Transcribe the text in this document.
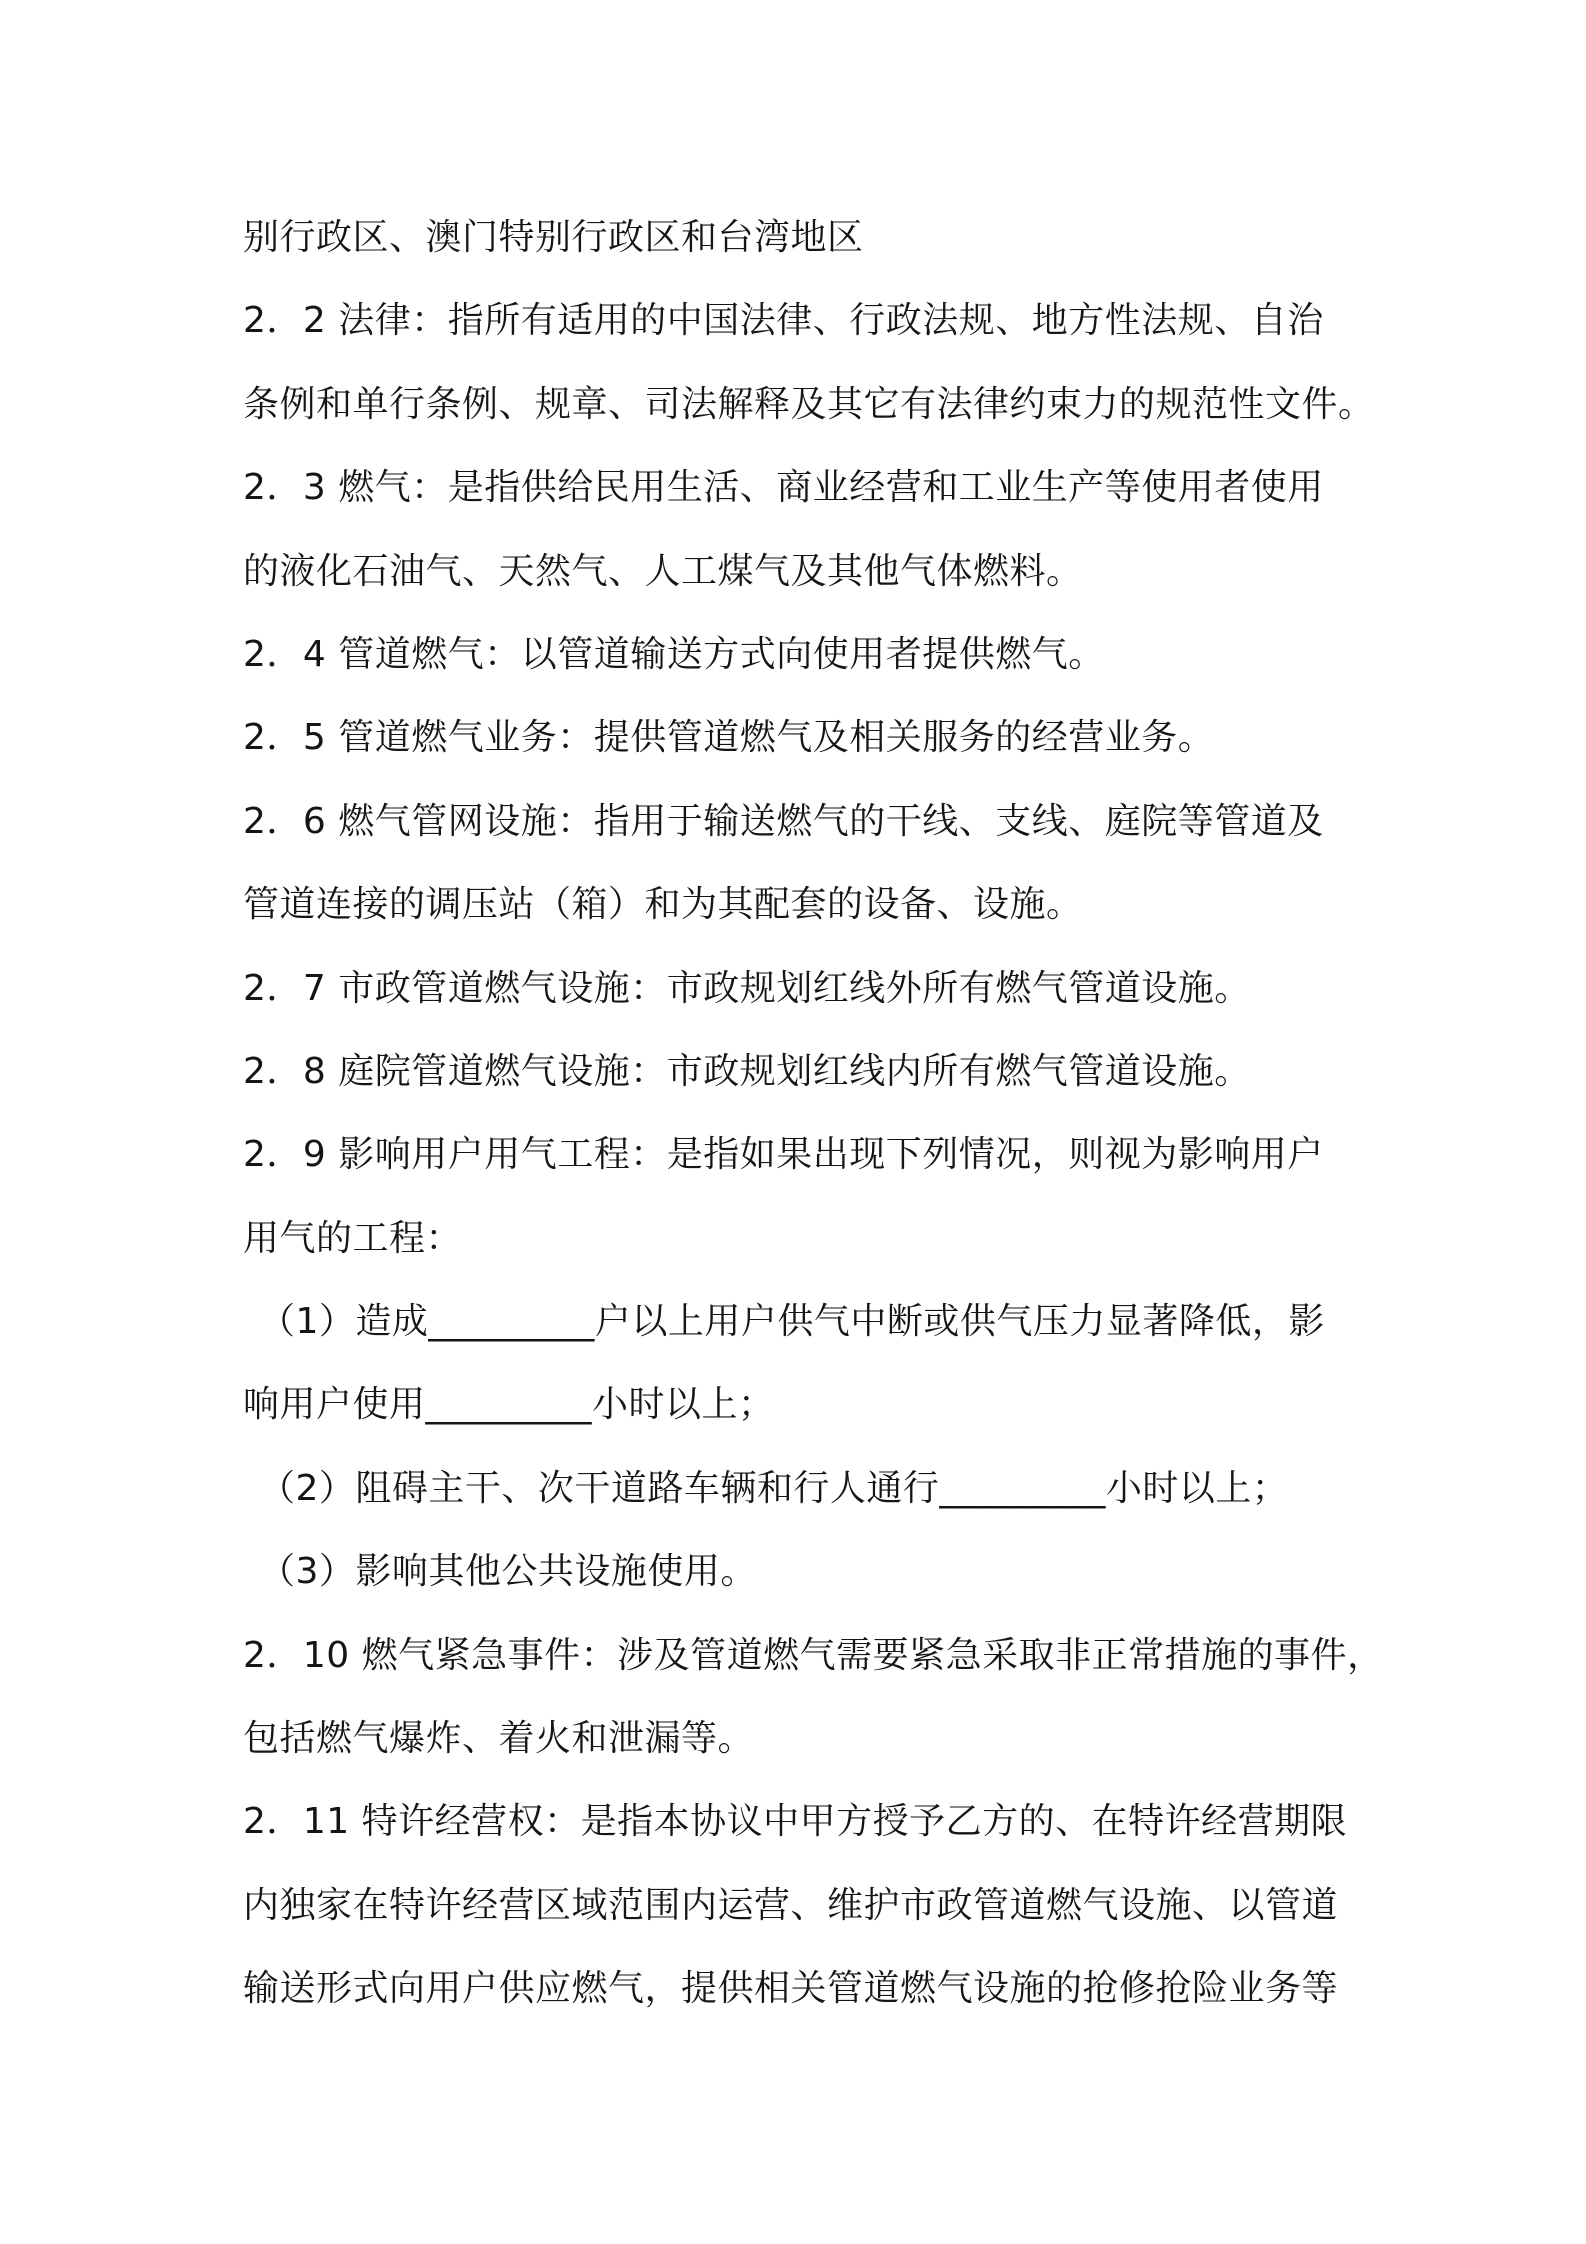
别行政区、澳门特别行政区和台湾地区
2．2 法律：指所有适用的中国法律、行政法规、地方性法规、自治
条例和单行条例、规章、司法解释及其它有法律约束力的规范性文件。
2．3 燃气：是指供给民用生活、商业经营和工业生产等使用者使用
的液化石油气、天然气、人工煤气及其他气体燃料。
2．4 管道燃气：以管道输送方式向使用者提供燃气。
2．5 管道燃气业务：提供管道燃气及相关服务的经营业务。
2．6 燃气管网设施：指用于输送燃气的干线、支线、庭院等管道及
管道连接的调压站（箱）和为其配套的设备、设施。
2．7 市政管道燃气设施：市政规划红线外所有燃气管道设施。
2．8 庭院管道燃气设施：市政规划红线内所有燃气管道设施。
2．9 影响用户用气工程：是指如果出现下列情况，则视为影响用户
用气的工程：
（1）造成_________户以上用户供气中断或供气压力显著降低，影
响用户使用_________小时以上；
（2）阻碍主干、次干道路车辆和行人通行_________小时以上；
（3）影响其他公共设施使用。
2．10 燃气紧急事件：涉及管道燃气需要紧急采取非正常措施的事件，
包括燃气爆炸、着火和泄漏等。
2．11 特许经营权：是指本协议中甲方授予乙方的、在特许经营期限
内独家在特许经营区域范围内运营、维护市政管道燃气设施、以管道
输送形式向用户供应燃气，提供相关管道燃气设施的抢修抢险业务等
